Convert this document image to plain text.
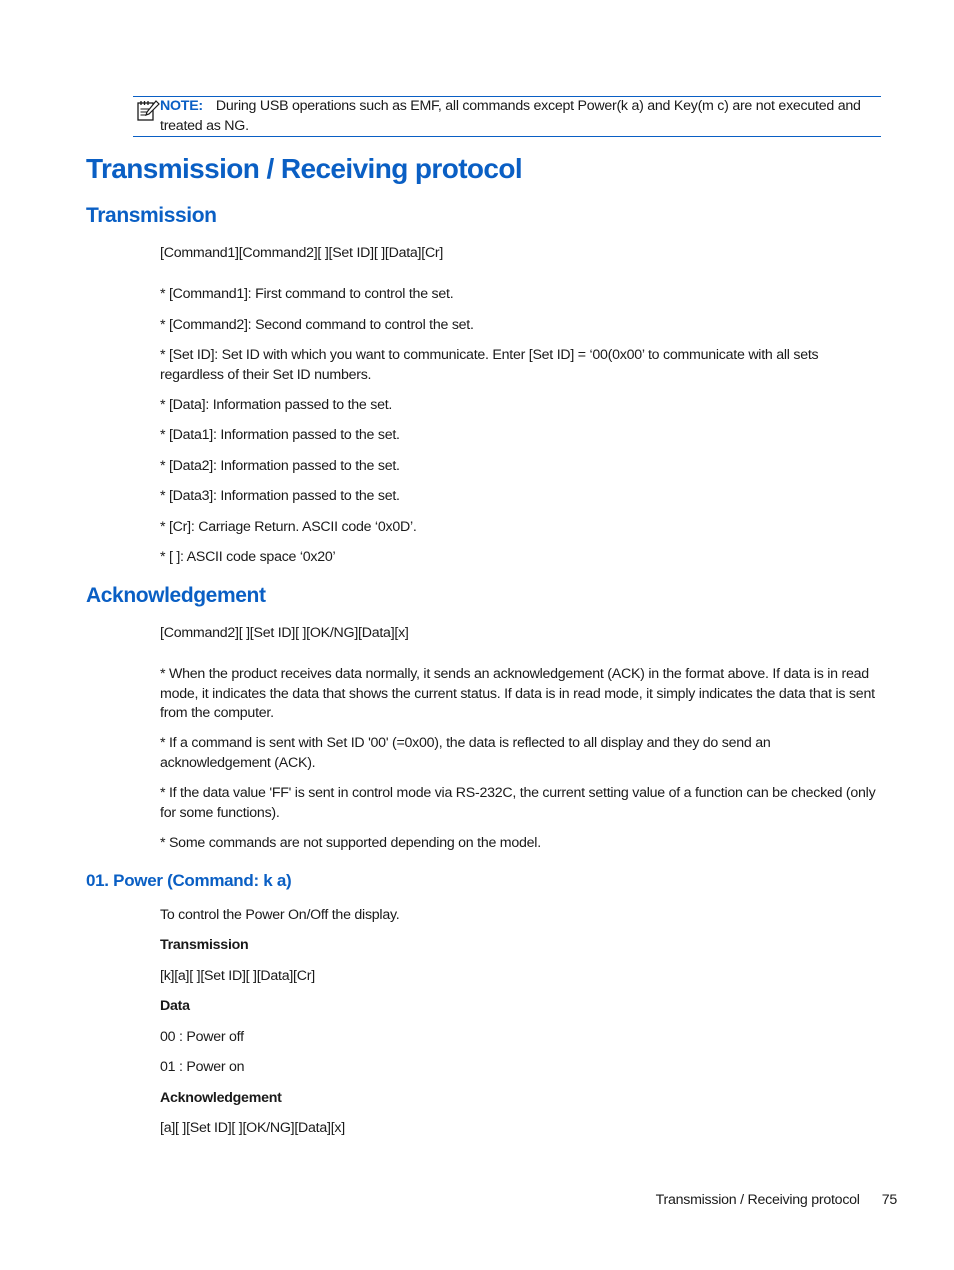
NOTE: During USB operations such as EMF, all commands except Power(k a) and Key(m c) are not executed and treated as NG.
Transmission / Receiving protocol
Transmission
[Command1][Command2][ ][Set ID][ ][Data][Cr]
* [Command1]: First command to control the set.
* [Command2]: Second command to control the set.
* [Set ID]: Set ID with which you want to communicate. Enter [Set ID] = ‘00(0x00’ to communicate with all sets regardless of their Set ID numbers.
* [Data]: Information passed to the set.
* [Data1]: Information passed to the set.
* [Data2]: Information passed to the set.
* [Data3]: Information passed to the set.
* [Cr]: Carriage Return. ASCII code ‘0x0D’.
* [ ]: ASCII code space ‘0x20’
Acknowledgement
[Command2][ ][Set ID][ ][OK/NG][Data][x]
* When the product receives data normally, it sends an acknowledgement (ACK) in the format above. If data is in read mode, it indicates the data that shows the current status. If data is in read mode, it simply indicates the data that is sent from the computer.
* If a command is sent with Set ID '00' (=0x00), the data is reflected to all display and they do send an acknowledgement (ACK).
* If the data value 'FF' is sent in control mode via RS-232C, the current setting value of a function can be checked (only for some functions).
* Some commands are not supported depending on the model.
01. Power (Command: k a)
To control the Power On/Off the display.
Transmission
[k][a][ ][Set ID][ ][Data][Cr]
Data
00 : Power off
01 : Power on
Acknowledgement
[a][ ][Set ID][ ][OK/NG][Data][x]
Transmission / Receiving protocol 75
